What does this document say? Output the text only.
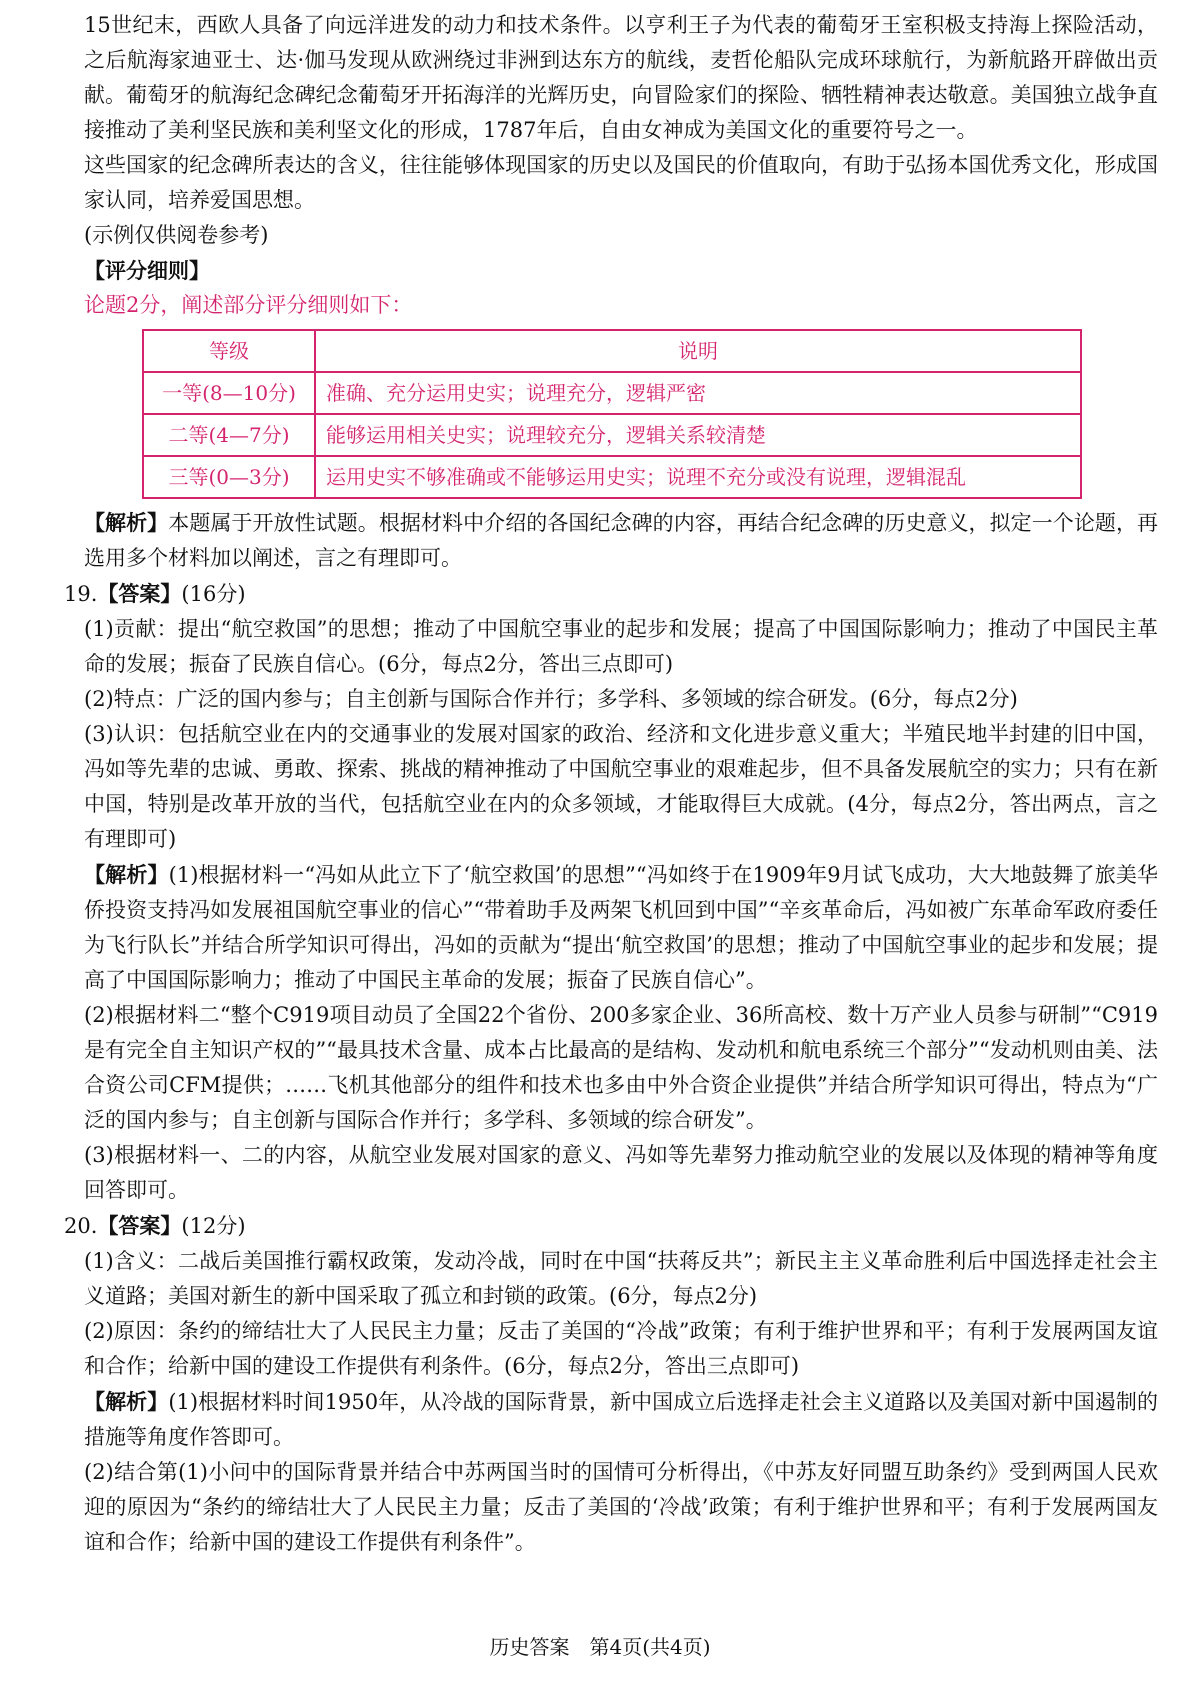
15世纪末，西欧人具备了向远洋进发的动力和技术条件。以亨利王子为代表的葡萄牙王室积极支持海上探险活动，之后航海家迪亚士、达·伽马发现从欧洲绕过非洲到达东方的航线，麦哲伦船队完成环球航行，为新航路开辟做出贡献。葡萄牙的航海纪念碑纪念葡萄牙开拓海洋的光辉历史，向冒险家们的探险、牺牲精神表达敬意。美国独立战争直接推动了美利坚民族和美利坚文化的形成，1787年后，自由女神成为美国文化的重要符号之一。

这些国家的纪念碑所表达的含义，往往能够体现国家的历史以及国民的价值取向，有助于弘扬本国优秀文化，形成国家认同，培养爱国思想。

(示例仅供阅卷参考)

【评分细则】

论题2分，阐述部分评分细则如下：

等级	说明
一等(8—10分)	准确、充分运用史实；说理充分，逻辑严密
二等(4—7分)	能够运用相关史实；说理较充分，逻辑关系较清楚
三等(0—3分)	运用史实不够准确或不能够运用史实；说理不充分或没有说理，逻辑混乱

【解析】本题属于开放性试题。根据材料中介绍的各国纪念碑的内容，再结合纪念碑的历史意义，拟定一个论题，再选用多个材料加以阐述，言之有理即可。

19.【答案】(16分)

(1)贡献：提出“航空救国”的思想；推动了中国航空事业的起步和发展；提高了中国国际影响力；推动了中国民主革命的发展；振奋了民族自信心。(6分，每点2分，答出三点即可)

(2)特点：广泛的国内参与；自主创新与国际合作并行；多学科、多领域的综合研发。(6分，每点2分)

(3)认识：包括航空业在内的交通事业的发展对国家的政治、经济和文化进步意义重大；半殖民地半封建的旧中国，冯如等先辈的忠诚、勇敢、探索、挑战的精神推动了中国航空事业的艰难起步，但不具备发展航空的实力；只有在新中国，特别是改革开放的当代，包括航空业在内的众多领域，才能取得巨大成就。(4分，每点2分，答出两点，言之有理即可)

【解析】(1)根据材料一“冯如从此立下了‘航空救国’的思想”“冯如终于在1909年9月试飞成功，大大地鼓舞了旅美华侨投资支持冯如发展祖国航空事业的信心”“带着助手及两架飞机回到中国”“辛亥革命后，冯如被广东革命军政府委任为飞行队长”并结合所学知识可得出，冯如的贡献为“提出‘航空救国’的思想；推动了中国航空事业的起步和发展；提高了中国国际影响力；推动了中国民主革命的发展；振奋了民族自信心”。

(2)根据材料二“整个C919项目动员了全国22个省份、200多家企业、36所高校、数十万产业人员参与研制”“C919是有完全自主知识产权的”“最具技术含量、成本占比最高的是结构、发动机和航电系统三个部分”“发动机则由美、法合资公司CFM提供；……飞机其他部分的组件和技术也多由中外合资企业提供”并结合所学知识可得出，特点为“广泛的国内参与；自主创新与国际合作并行；多学科、多领域的综合研发”。

(3)根据材料一、二的内容，从航空业发展对国家的意义、冯如等先辈努力推动航空业的发展以及体现的精神等角度回答即可。

20.【答案】(12分)

(1)含义：二战后美国推行霸权政策，发动冷战，同时在中国“扶蒋反共”；新民主主义革命胜利后中国选择走社会主义道路；美国对新生的新中国采取了孤立和封锁的政策。(6分，每点2分)

(2)原因：条约的缔结壮大了人民民主力量；反击了美国的“冷战”政策；有利于维护世界和平；有利于发展两国友谊和合作；给新中国的建设工作提供有利条件。(6分，每点2分，答出三点即可)

【解析】(1)根据材料时间1950年，从冷战的国际背景，新中国成立后选择走社会主义道路以及美国对新中国遏制的措施等角度作答即可。

(2)结合第(1)小问中的国际背景并结合中苏两国当时的国情可分析得出，《中苏友好同盟互助条约》受到两国人民欢迎的原因为“条约的缔结壮大了人民民主力量；反击了美国的‘冷战’政策；有利于维护世界和平；有利于发展两国友谊和合作；给新中国的建设工作提供有利条件”。

历史答案　第4页(共4页)
